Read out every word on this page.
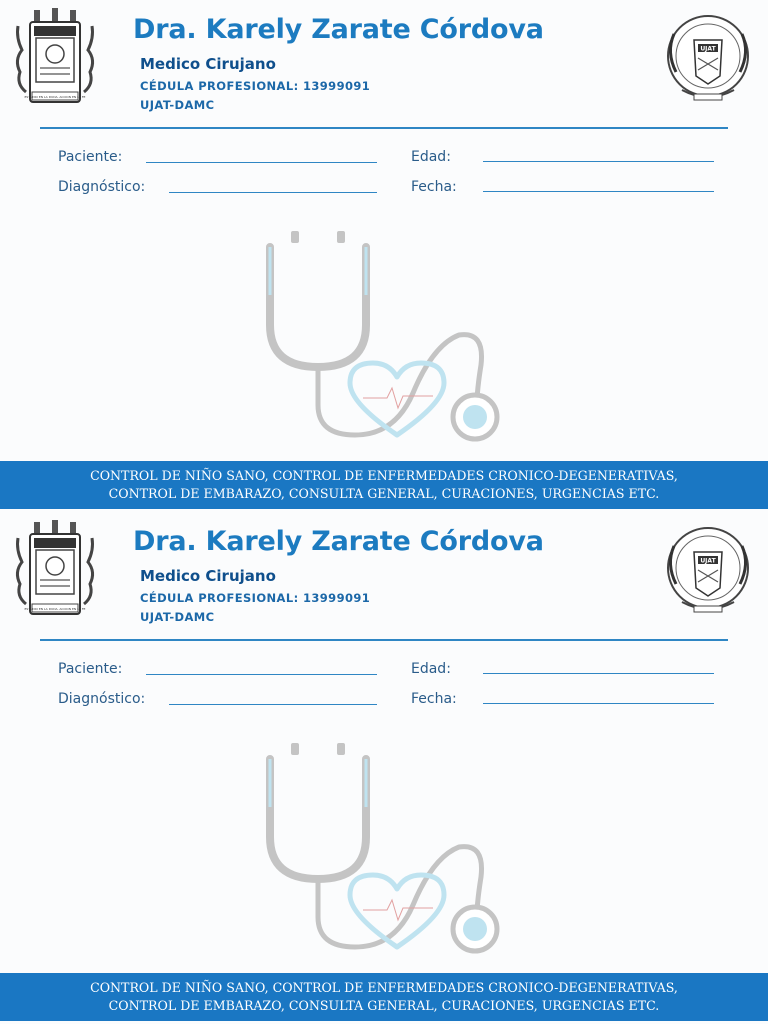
ESTUDIO EN LA DUDA. ACCION EN LA FE
Dra. Karely Zarate Córdova
Medico Cirujano
CÉDULA PROFESIONAL: 13999091
UJAT-DAMC
UJAT
Paciente:	Edad:
Diagnóstico:	Fecha:
CONTROL DE NIÑO SANO, CONTROL DE ENFERMEDADES CRONICO-DEGENERATIVAS,
CONTROL DE EMBARAZO, CONSULTA GENERAL, CURACIONES, URGENCIAS ETC.
ESTUDIO EN LA DUDA. ACCION EN LA FE
Dra. Karely Zarate Córdova
Medico Cirujano
CÉDULA PROFESIONAL: 13999091
UJAT-DAMC
UJAT
Paciente:	Edad:
Diagnóstico:	Fecha:
CONTROL DE NIÑO SANO, CONTROL DE ENFERMEDADES CRONICO-DEGENERATIVAS,
CONTROL DE EMBARAZO, CONSULTA GENERAL, CURACIONES, URGENCIAS ETC.
